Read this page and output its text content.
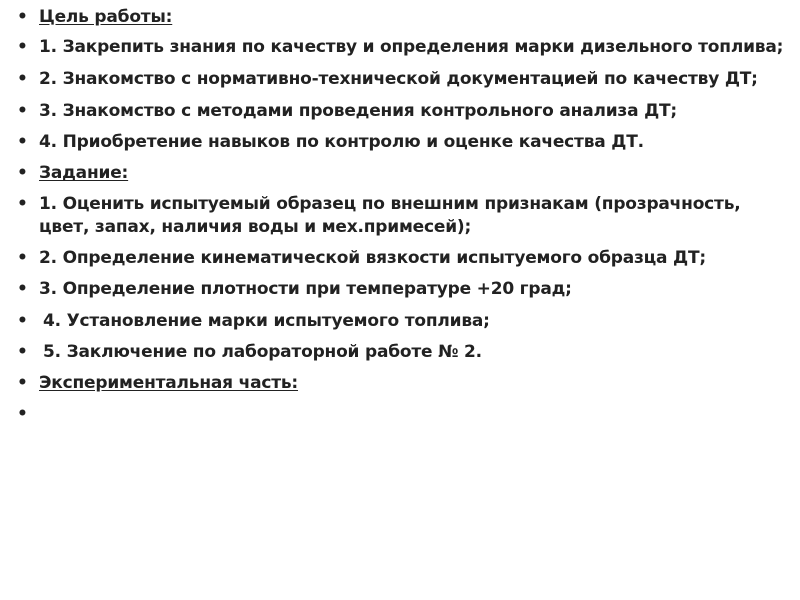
• Цель работы:
• 1. Закрепить знания по качеству и определения марки дизельного топлива;
• 2. Знакомство с нормативно-технической документацией по качеству ДТ;
• 3. Знакомство с методами проведения контрольного анализа ДТ;
• 4. Приобретение навыков по контролю и оценке качества ДТ.
• Задание:
• 1. Оценить испытуемый образец по внешним признакам (прозрачность, цвет, запах, наличия воды и мех.примесей);
• 2. Определение кинематической вязкости испытуемого образца ДТ;
• 3. Определение плотности при температуре +20 град;
• 4. Установление марки испытуемого топлива;
• 5. Заключение по лабораторной работе № 2.
• Экспериментальная часть:
•
